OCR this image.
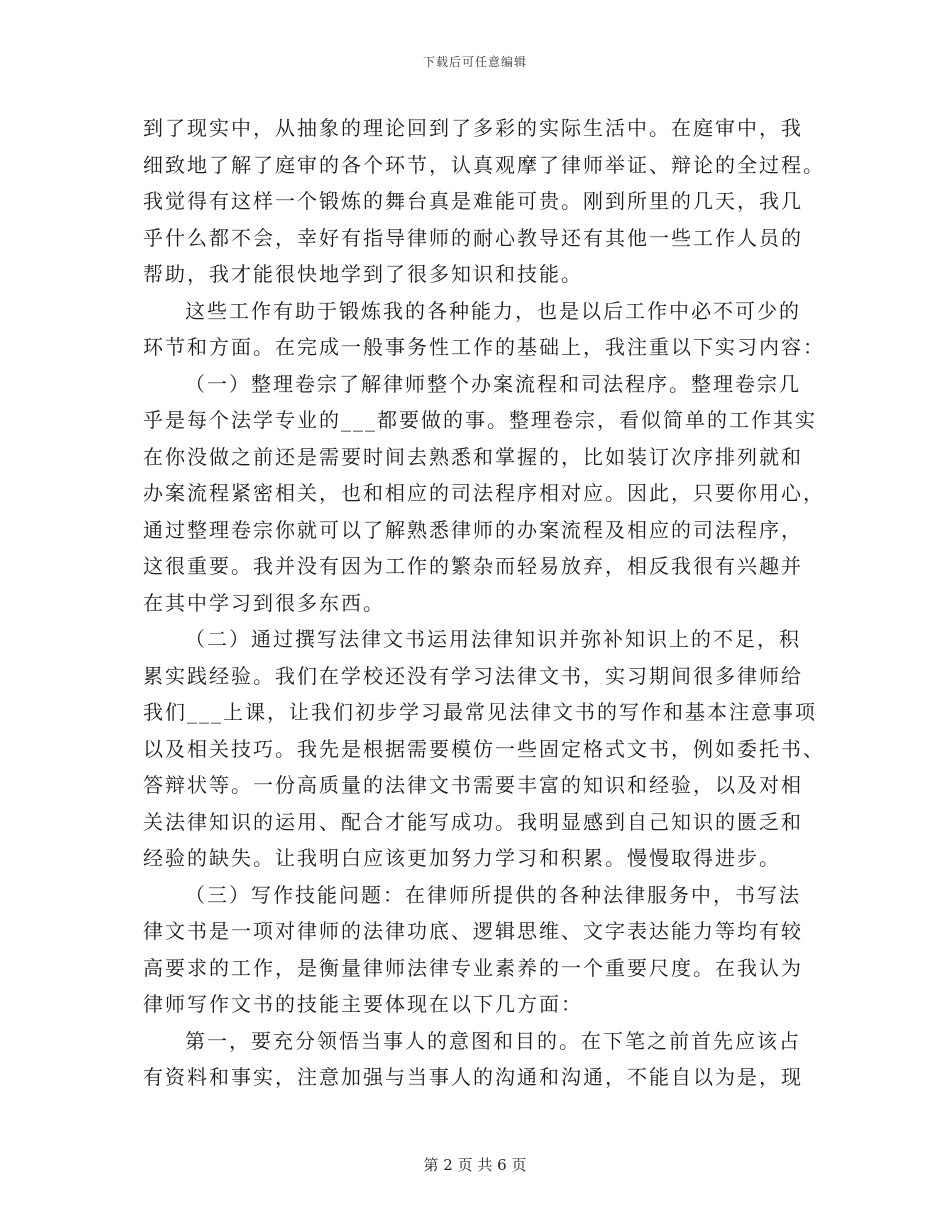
下载后可任意编辑

到了现实中，从抽象的理论回到了多彩的实际生活中。在庭审中，我
细致地了解了庭审的各个环节，认真观摩了律师举证、辩论的全过程。
我觉得有这样一个锻炼的舞台真是难能可贵。刚到所里的几天，我几
乎什么都不会，幸好有指导律师的耐心教导还有其他一些工作人员的
帮助，我才能很快地学到了很多知识和技能。

这些工作有助于锻炼我的各种能力，也是以后工作中必不可少的
环节和方面。在完成一般事务性工作的基础上，我注重以下实习内容：

（一）整理卷宗了解律师整个办案流程和司法程序。整理卷宗几
乎是每个法学专业的___都要做的事。整理卷宗，看似简单的工作其实
在你没做之前还是需要时间去熟悉和掌握的，比如装订次序排列就和
办案流程紧密相关，也和相应的司法程序相对应。因此，只要你用心，
通过整理卷宗你就可以了解熟悉律师的办案流程及相应的司法程序，
这很重要。我并没有因为工作的繁杂而轻易放弃，相反我很有兴趣并
在其中学习到很多东西。

（二）通过撰写法律文书运用法律知识并弥补知识上的不足，积
累实践经验。我们在学校还没有学习法律文书，实习期间很多律师给
我们___上课，让我们初步学习最常见法律文书的写作和基本注意事项
以及相关技巧。我先是根据需要模仿一些固定格式文书，例如委托书、
答辩状等。一份高质量的法律文书需要丰富的知识和经验，以及对相
关法律知识的运用、配合才能写成功。我明显感到自己知识的匮乏和
经验的缺失。让我明白应该更加努力学习和积累。慢慢取得进步。

（三）写作技能问题：在律师所提供的各种法律服务中，书写法
律文书是一项对律师的法律功底、逻辑思维、文字表达能力等均有较
高要求的工作，是衡量律师法律专业素养的一个重要尺度。在我认为
律师写作文书的技能主要体现在以下几方面：

第一，要充分领悟当事人的意图和目的。在下笔之前首先应该占
有资料和事实，注意加强与当事人的沟通和沟通，不能自以为是，现

第 2 页 共 6 页
